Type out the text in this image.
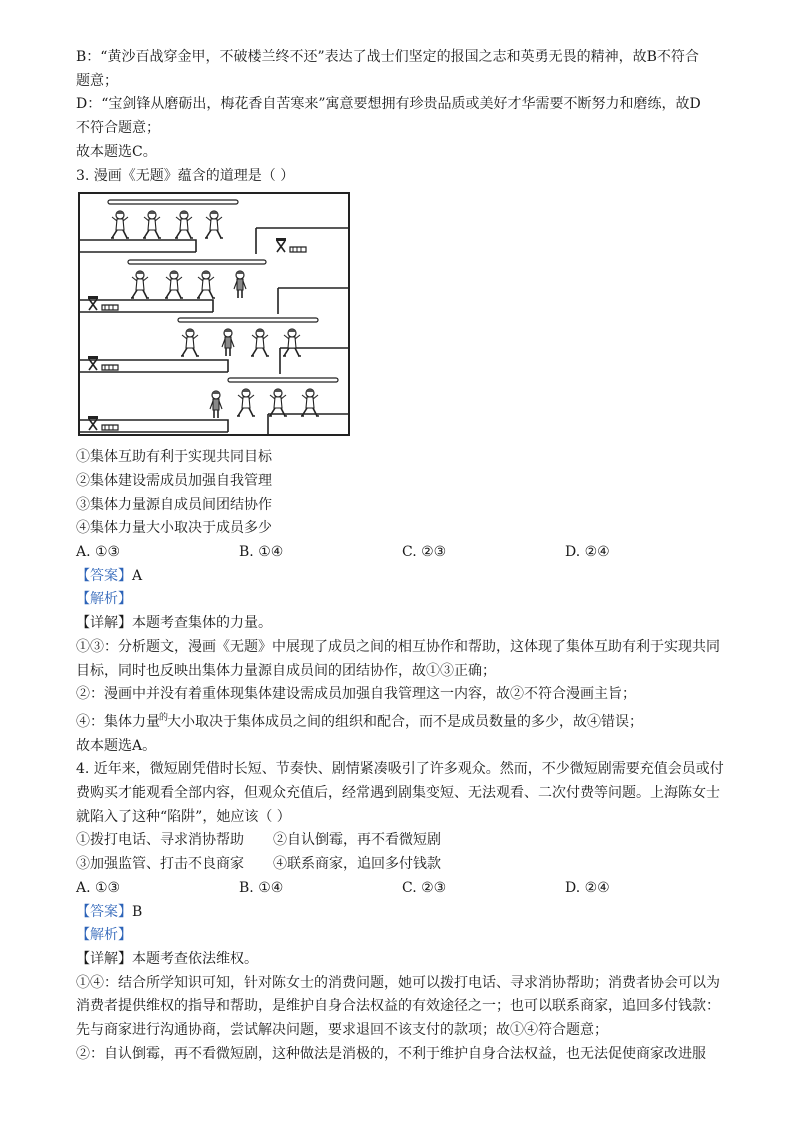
B：“黄沙百战穿金甲，不破楼兰终不还”表达了战士们坚定的报国之志和英勇无畏的精神，故B不符合
题意；
D：“宝剑锋从磨砺出，梅花香自苦寒来”寓意要想拥有珍贵品质或美好才华需要不断努力和磨练，故D
不符合题意；
故本题选C。
3. 漫画《无题》蕴含的道理是（ ）
①集体互助有利于实现共同目标
②集体建设需成员加强自我管理
③集体力量源自成员间团结协作
④集体力量大小取决于成员多少
A. ①③	B. ①④	C. ②③	D. ②④
【答案】A
【解析】
【详解】本题考查集体的力量。
①③：分析题文，漫画《无题》中展现了成员之间的相互协作和帮助，这体现了集体互助有利于实现共同
目标，同时也反映出集体力量源自成员间的团结协作，故①③正确；
②：漫画中并没有着重体现集体建设需成员加强自我管理这一内容，故②不符合漫画主旨；
④：集体力量$^的$大小取决于集体成员之间的组织和配合，而不是成员数量的多少，故④错误；
故本题选A。
4. 近年来，微短剧凭借时长短、节奏快、剧情紧凑吸引了许多观众。然而，不少微短剧需要充值会员或付
费购买才能观看全部内容，但观众充值后，经常遇到剧集变短、无法观看、二次付费等问题。上海陈女士
就陷入了这种“陷阱”，她应该（ ）
①拨打电话、寻求消协帮助	②自认倒霉，再不看微短剧
③加强监管、打击不良商家	④联系商家，追回多付钱款
A. ①③	B. ①④	C. ②③	D. ②④
【答案】B
【解析】
【详解】本题考查依法维权。
①④：结合所学知识可知，针对陈女士的消费问题，她可以拨打电话、寻求消协帮助；消费者协会可以为
消费者提供维权的指导和帮助，是维护自身合法权益的有效途径之一；也可以联系商家，追回多付钱款：
先与商家进行沟通协商，尝试解决问题，要求退回不该支付的款项；故①④符合题意；
②：自认倒霉，再不看微短剧，这种做法是消极的，不利于维护自身合法权益，也无法促使商家改进服
